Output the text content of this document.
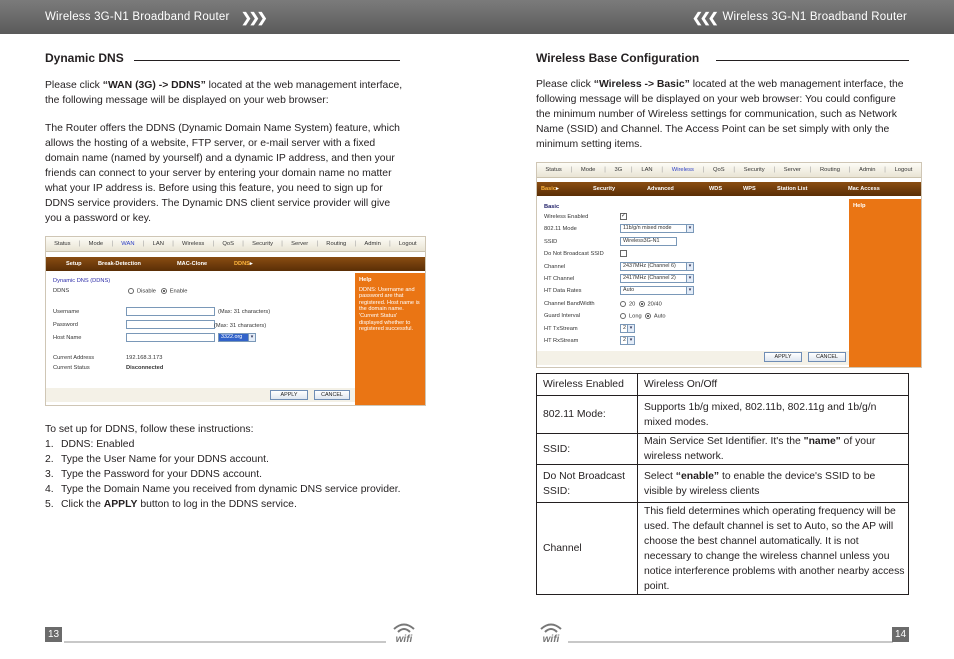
Wireless 3G-N1 Broadband Router ❯❯❯	❮❮❮ Wireless 3G-N1 Broadband Router
Dynamic DNS
Please click “WAN (3G) -> DDNS” located at the web management interface, the following message will be displayed on your web browser:
The Router offers the DDNS (Dynamic Domain Name System) feature, which allows the hosting of a website, FTP server, or e-mail server with a fixed domain name (named by yourself) and a dynamic IP address, and then your friends can connect to your server by entering your domain name no matter what your IP address is. Before using this feature, you need to sign up for DDNS service providers. The Dynamic DNS client service provider will give you a password or key.
Status | Mode | WAN | LAN | Wireless | QoS | Security | Server | Routing | Admin | Logout
Setup	Break-Detection	MAC-Clone	DDNS▸
Dynamic DNS (DDNS)
DDNS	Disable Enable
Username	(Max: 31 characters)
Password	(Max: 31 characters)
Host Name	3322.org	▾
Current Address	192.168.3.173
Current Status	Disconnected
APPLY	CANCEL
Help
DDNS: Username and password are that registered. Host name is the domain name. 'Current Status' displayed whether to registered successful.
To set up for DDNS, follow these instructions:
1. DDNS: Enabled
2. Type the User Name for your DDNS account.
3. Type the Password for your DDNS account.
4. Type the Domain Name you received from dynamic DNS service provider.
5. Click the APPLY button to log in the DDNS service.
Wireless Base Configuration
Please click “Wireless -> Basic” located at the web management interface, the following message will be displayed on your web browser: You could configure the minimum number of Wireless settings for communication, such as Network Name (SSID) and Channel. The Access Point can be set simply with only the minimum setting items.
Status | Mode | 3G | LAN | Wireless | QoS | Security | Server | Routing | Admin | Logout
Basic▸	Security	Advanced	WDS	WPS	Station List	Mac Access
Basic
Wireless Enabled	✓
802.11 Mode	11b/g/n mixed mode	▾
SSID	Wireless3G-N1
Do Not Broadcast SSID
Channel	2437MHz (Channel 6)	▾
HT Channel	2417MHz (Channel 2)	▾
HT Data Rates	Auto	▾
Channel BandWidth	20 20/40
Guard Interval	Long Auto
HT TxStream	2 ▾
HT RxStream	2 ▾
APPLY	CANCEL
Help
Wireless Enabled	Wireless On/Off
802.11 Mode:	Supports 1b/g mixed, 802.11b, 802.11g and 1b/g/n mixed modes.
SSID:	Main Service Set Identifier. It's the "name" of your wireless network.
Do Not Broadcast SSID:	Select “enable” to enable the device's SSID to be visible by wireless clients
Channel	This field determines which operating frequency will be used. The default channel is set to Auto, so the AP will choose the best channel automatically. It is not necessary to change the wireless channel unless you notice interference problems with another nearby access point.
13	wifi	wifi	14
